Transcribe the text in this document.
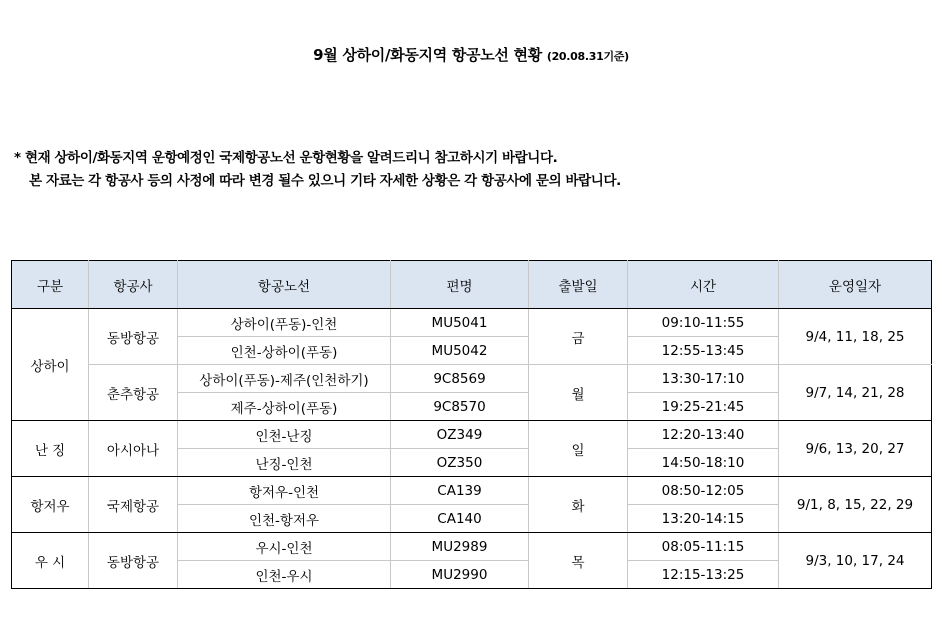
9월 상하이/화동지역 항공노선 현황 (20.08.31기준)
* 현재 상하이/화동지역 운항예정인 국제항공노선 운항현황을 알려드리니 참고하시기 바랍니다.
본 자료는 각 항공사 등의 사정에 따라 변경 될수 있으니 기타 자세한 상황은 각 항공사에 문의 바랍니다.
구분	항공사	항공노선	편명	출발일	시간	운영일자
상하이	동방항공	상하이(푸동)-인천	MU5041	금	09:10-11:55	9/4, 11, 18, 25
		인천-상하이(푸동)	MU5042		12:55-13:45	
	춘추항공	상하이(푸동)-제주(인천하기)	9C8569	월	13:30-17:10	9/7, 14, 21, 28
		제주-상하이(푸동)	9C8570		19:25-21:45	
난 징	아시아나	인천-난징	OZ349	일	12:20-13:40	9/6, 13, 20, 27
		난징-인천	OZ350		14:50-18:10	
항저우	국제항공	항저우-인천	CA139	화	08:50-12:05	9/1, 8, 15, 22, 29
		인천-항저우	CA140		13:20-14:15	
우 시	동방항공	우시-인천	MU2989	목	08:05-11:15	9/3, 10, 17, 24
		인천-우시	MU2990		12:15-13:25	
